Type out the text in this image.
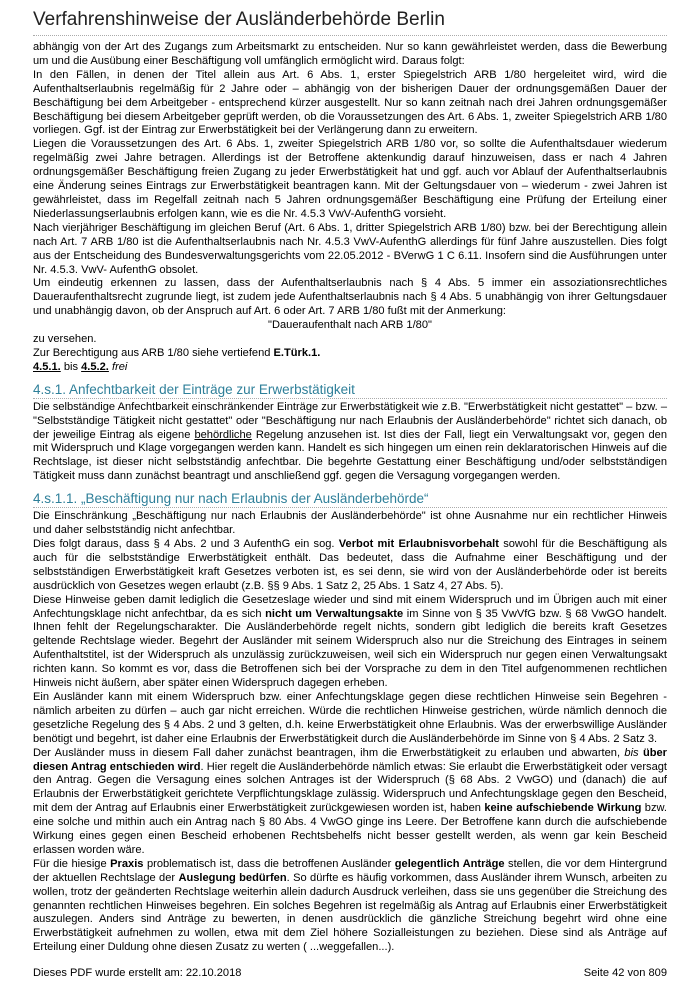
Verfahrenshinweise der Ausländerbehörde Berlin

abhängig von der Art des Zugangs zum Arbeitsmarkt zu entscheiden. Nur so kann gewährleistet werden, dass die Bewerbung um und die Ausübung einer Beschäftigung voll umfänglich ermöglicht wird. Daraus folgt:

In den Fällen, in denen der Titel allein aus Art. 6 Abs. 1, erster Spiegelstrich ARB 1/80 hergeleitet wird, wird die Aufenthaltserlaubnis regelmäßig für 2 Jahre oder – abhängig von der bisherigen Dauer der ordnungsgemäßen Dauer der Beschäftigung bei dem Arbeitgeber - entsprechend kürzer ausgestellt. Nur so kann zeitnah nach drei Jahren ordnungsgemäßer Beschäftigung bei diesem Arbeitgeber geprüft werden, ob die Voraussetzungen des Art. 6 Abs. 1, zweiter Spiegelstrich ARB 1/80 vorliegen. Ggf. ist der Eintrag zur Erwerbstätigkeit bei der Verlängerung dann zu erweitern.

Liegen die Voraussetzungen des Art. 6 Abs. 1, zweiter Spiegelstrich ARB 1/80 vor, so sollte die Aufenthaltsdauer wiederum regelmäßig zwei Jahre betragen. Allerdings ist der Betroffene aktenkundig darauf hinzuweisen, dass er nach 4 Jahren ordnungsgemäßer Beschäftigung freien Zugang zu jeder Erwerbstätigkeit hat und ggf. auch vor Ablauf der Aufenthaltserlaubnis eine Änderung seines Eintrags zur Erwerbstätigkeit beantragen kann. Mit der Geltungsdauer von – wiederum - zwei Jahren ist gewährleistet, dass im Regelfall zeitnah nach 5 Jahren ordnungsgemäßer Beschäftigung eine Prüfung der Erteilung einer Niederlassungserlaubnis erfolgen kann, wie es die Nr. 4.5.3 VwV-AufenthG vorsieht.

Nach vierjähriger Beschäftigung im gleichen Beruf (Art. 6 Abs. 1, dritter Spiegelstrich ARB 1/80) bzw. bei der Berechtigung allein nach Art. 7 ARB 1/80 ist die Aufenthaltserlaubnis nach Nr. 4.5.3 VwV-AufenthG allerdings für fünf Jahre auszustellen. Dies folgt aus der Entscheidung des Bundesverwaltungsgerichts vom 22.05.2012 - BVerwG 1 C 6.11. Insofern sind die Ausführungen unter Nr. 4.5.3. VwV- AufenthG obsolet.

Um eindeutig erkennen zu lassen, dass der Aufenthaltserlaubnis nach § 4 Abs. 5 immer ein assoziationsrechtliches Daueraufenthaltsrecht zugrunde liegt, ist zudem jede Aufenthaltserlaubnis nach § 4 Abs. 5 unabhängig von ihrer Geltungsdauer und unabhängig davon, ob der Anspruch auf Art. 6 oder Art. 7 ARB 1/80 fußt mit der Anmerkung:

"Daueraufenthalt nach ARB 1/80"

zu versehen.

Zur Berechtigung aus ARB 1/80 siehe vertiefend E.Türk.1.

4.5.1. bis 4.5.2. frei

4.s.1. Anfechtbarkeit der Einträge zur Erwerbstätigkeit

Die selbständige Anfechtbarkeit einschränkender Einträge zur Erwerbstätigkeit wie z.B. "Erwerbstätigkeit nicht gestattet" – bzw. – "Selbstständige Tätigkeit nicht gestattet" oder "Beschäftigung nur nach Erlaubnis der Ausländerbehörde" richtet sich danach, ob der jeweilige Eintrag als eigene behördliche Regelung anzusehen ist. Ist dies der Fall, liegt ein Verwaltungsakt vor, gegen den mit Widerspruch und Klage vorgegangen werden kann. Handelt es sich hingegen um einen rein deklaratorischen Hinweis auf die Rechtslage, ist dieser nicht selbstständig anfechtbar. Die begehrte Gestattung einer Beschäftigung und/oder selbstständigen Tätigkeit muss dann zunächst beantragt und anschließend ggf. gegen die Versagung vorgegangen werden.

4.s.1.1. „Beschäftigung nur nach Erlaubnis der Ausländerbehörde“

Die Einschränkung „Beschäftigung nur nach Erlaubnis der Ausländerbehörde" ist ohne Ausnahme nur ein rechtlicher Hinweis und daher selbstständig nicht anfechtbar.

Dies folgt daraus, dass § 4 Abs. 2 und 3 AufenthG ein sog. Verbot mit Erlaubnisvorbehalt sowohl für die Beschäftigung als auch für die selbstständige Erwerbstätigkeit enthält. Das bedeutet, dass die Aufnahme einer Beschäftigung und der selbstständigen Erwerbstätigkeit kraft Gesetzes verboten ist, es sei denn, sie wird von der Ausländerbehörde oder ist bereits ausdrücklich von Gesetzes wegen erlaubt (z.B. §§ 9 Abs. 1 Satz 2, 25 Abs. 1 Satz 4, 27 Abs. 5).

Diese Hinweise geben damit lediglich die Gesetzeslage wieder und sind mit einem Widerspruch und im Übrigen auch mit einer Anfechtungsklage nicht anfechtbar, da es sich nicht um Verwaltungsakte im Sinne von § 35 VwVfG bzw. § 68 VwGO handelt. Ihnen fehlt der Regelungscharakter. Die Ausländerbehörde regelt nichts, sondern gibt lediglich die bereits kraft Gesetzes geltende Rechtslage wieder. Begehrt der Ausländer mit seinem Widerspruch also nur die Streichung des Eintrages in seinem Aufenthaltstitel, ist der Widerspruch als unzulässig zurückzuweisen, weil sich ein Widerspruch nur gegen einen Verwaltungsakt richten kann. So kommt es vor, dass die Betroffenen sich bei der Vorsprache zu dem in den Titel aufgenommenen rechtlichen Hinweis nicht äußern, aber später einen Widerspruch dagegen erheben.

Ein Ausländer kann mit einem Widerspruch bzw. einer Anfechtungsklage gegen diese rechtlichen Hinweise sein Begehren - nämlich arbeiten zu dürfen – auch gar nicht erreichen. Würde die rechtlichen Hinweise gestrichen, würde nämlich dennoch die gesetzliche Regelung des § 4 Abs. 2 und 3 gelten, d.h. keine Erwerbstätigkeit ohne Erlaubnis. Was der erwerbswillige Ausländer benötigt und begehrt, ist daher eine Erlaubnis der Erwerbstätigkeit durch die Ausländerbehörde im Sinne von § 4 Abs. 2 Satz 3.

Der Ausländer muss in diesem Fall daher zunächst beantragen, ihm die Erwerbstätigkeit zu erlauben und abwarten, bis über diesen Antrag entschieden wird. Hier regelt die Ausländerbehörde nämlich etwas: Sie erlaubt die Erwerbstätigkeit oder versagt den Antrag. Gegen die Versagung eines solchen Antrages ist der Widerspruch (§ 68 Abs. 2 VwGO) und (danach) die auf Erlaubnis der Erwerbstätigkeit gerichtete Verpflichtungsklage zulässig. Widerspruch und Anfechtungsklage gegen den Bescheid, mit dem der Antrag auf Erlaubnis einer Erwerbstätigkeit zurückgewiesen worden ist, haben keine aufschiebende Wirkung bzw. eine solche und mithin auch ein Antrag nach § 80 Abs. 4 VwGO ginge ins Leere. Der Betroffene kann durch die aufschiebende Wirkung eines gegen einen Bescheid erhobenen Rechtsbehelfs nicht besser gestellt werden, als wenn gar kein Bescheid erlassen worden wäre.

Für die hiesige Praxis problematisch ist, dass die betroffenen Ausländer gelegentlich Anträge stellen, die vor dem Hintergrund der aktuellen Rechtslage der Auslegung bedürfen. So dürfte es häufig vorkommen, dass Ausländer ihrem Wunsch, arbeiten zu wollen, trotz der geänderten Rechtslage weiterhin allein dadurch Ausdruck verleihen, dass sie uns gegenüber die Streichung des genannten rechtlichen Hinweises begehren. Ein solches Begehren ist regelmäßig als Antrag auf Erlaubnis einer Erwerbstätigkeit auszulegen. Anders sind Anträge zu bewerten, in denen ausdrücklich die gänzliche Streichung begehrt wird ohne eine Erwerbstätigkeit aufnehmen zu wollen, etwa mit dem Ziel höhere Sozialleistungen zu beziehen. Diese sind als Anträge auf Erteilung einer Duldung ohne diesen Zusatz zu werten ( ...weggefallen...).

Dieses PDF wurde erstellt am: 22.10.2018	Seite 42 von 809
